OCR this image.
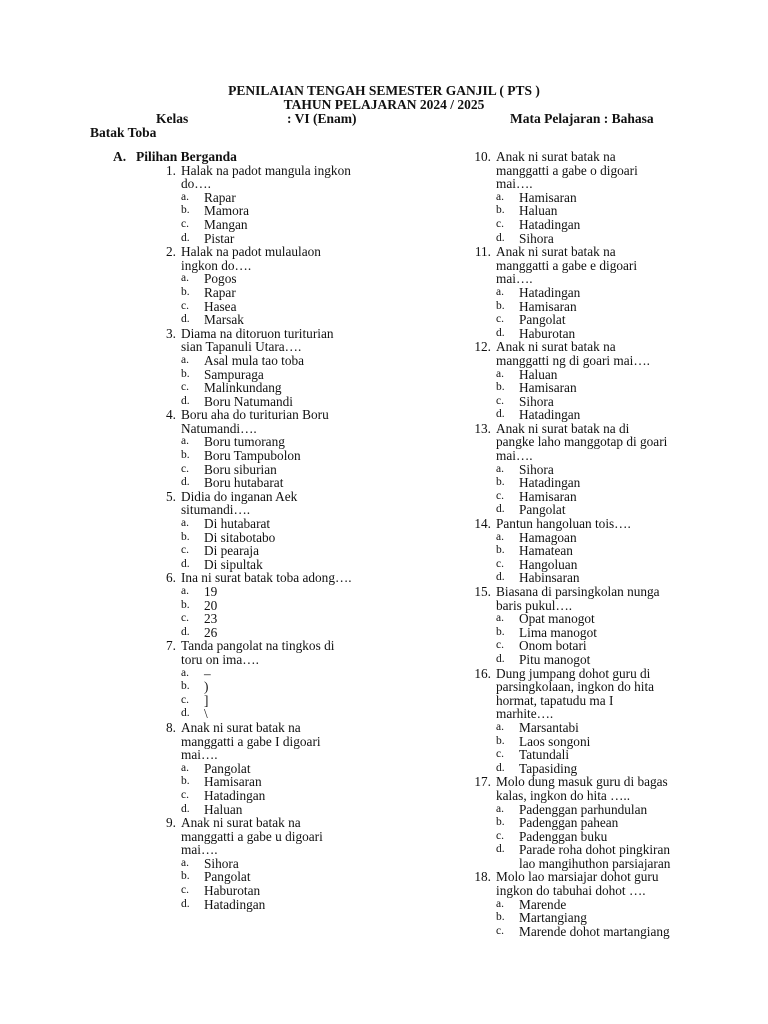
PENILAIAN TENGAH SEMESTER GANJIL ( PTS )
TAHUN PELAJARAN 2024 / 2025
Kelas	: VI (Enam)	Mata Pelajaran : Bahasa
Batak Toba
A. Pilihan Berganda
1. Halak na padot mangula ingkon
do….
a. Rapar
b. Mamora
c. Mangan
d. Pistar
2. Halak na padot mulaulaon
ingkon do….
a. Pogos
b. Rapar
c. Hasea
d. Marsak
3. Diama na ditoruon turiturian
sian Tapanuli Utara….
a. Asal mula tao toba
b. Sampuraga
c. Malinkundang
d. Boru Natumandi
4. Boru aha do turiturian Boru
Natumandi….
a. Boru tumorang
b. Boru Tampubolon
c. Boru siburian
d. Boru hutabarat
5. Didia do inganan Aek
situmandi….
a. Di hutabarat
b. Di sitabotabo
c. Di pearaja
d. Di sipultak
6. Ina ni surat batak toba adong….
a. 19
b. 20
c. 23
d. 26
7. Tanda pangolat na tingkos di
toru on ima….
a. –
b. )
c. ]
d. \
8. Anak ni surat batak na
manggatti a gabe I digoari
mai….
a. Pangolat
b. Hamisaran
c. Hatadingan
d. Haluan
9. Anak ni surat batak na
manggatti a gabe u digoari
mai….
a. Sihora
b. Pangolat
c. Haburotan
d. Hatadingan
10. Anak ni surat batak na
manggatti a gabe o digoari
mai….
a. Hamisaran
b. Haluan
c. Hatadingan
d. Sihora
11. Anak ni surat batak na
manggatti a gabe e digoari
mai….
a. Hatadingan
b. Hamisaran
c. Pangolat
d. Haburotan
12. Anak ni surat batak na
manggatti ng di goari mai….
a. Haluan
b. Hamisaran
c. Sihora
d. Hatadingan
13. Anak ni surat batak na di
pangke laho manggotap di goari
mai….
a. Sihora
b. Hatadingan
c. Hamisaran
d. Pangolat
14. Pantun hangoluan tois….
a. Hamagoan
b. Hamatean
c. Hangoluan
d. Habinsaran
15. Biasana di parsingkolan nunga
baris pukul….
a. Opat manogot
b. Lima manogot
c. Onom botari
d. Pitu manogot
16. Dung jumpang dohot guru di
parsingkolaan, ingkon do hita
hormat, tapatudu ma I
marhite….
a. Marsantabi
b. Laos songoni
c. Tatundali
d. Tapasiding
17. Molo dung masuk guru di bagas
kalas, ingkon do hita …..
a. Padenggan parhundulan
b. Padenggan pahean
c. Padenggan buku
d. Parade roha dohot pingkiran
lao mangihuthon parsiajaran
18. Molo lao marsiajar dohot guru
ingkon do tabuhai dohot ….
a. Marende
b. Martangiang
c. Marende dohot martangiang
